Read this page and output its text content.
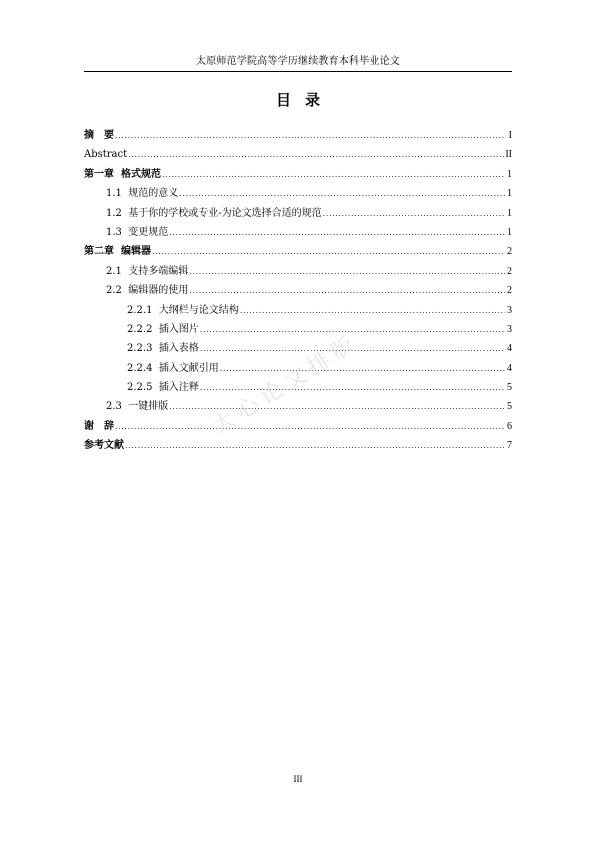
太原师范学院高等学历继续教育本科毕业论文
目录
摘　要 .....	I
Abstract .....	II
第一章 格式规范 .....	1
1.1 规范的意义 .....	1
1.2 基于你的学校或专业-为论文选择合适的规范 .....	1
1.3 变更规范 .....	1
第二章 编辑器 .....	2
2.1 支持多端编辑 .....	2
2.2 编辑器的使用 .....	2
2.2.1 大纲栏与论文结构 .....	3
2.2.2 插入图片 .....	3
2.2.3 插入表格 .....	4
2.2.4 插入文献引用 .....	4
2.2.5 插入注释 .....	5
2.3 一键排版 .....	5
谢　辞 .....	6
参考文献 .....	7
大心论文排版
III
